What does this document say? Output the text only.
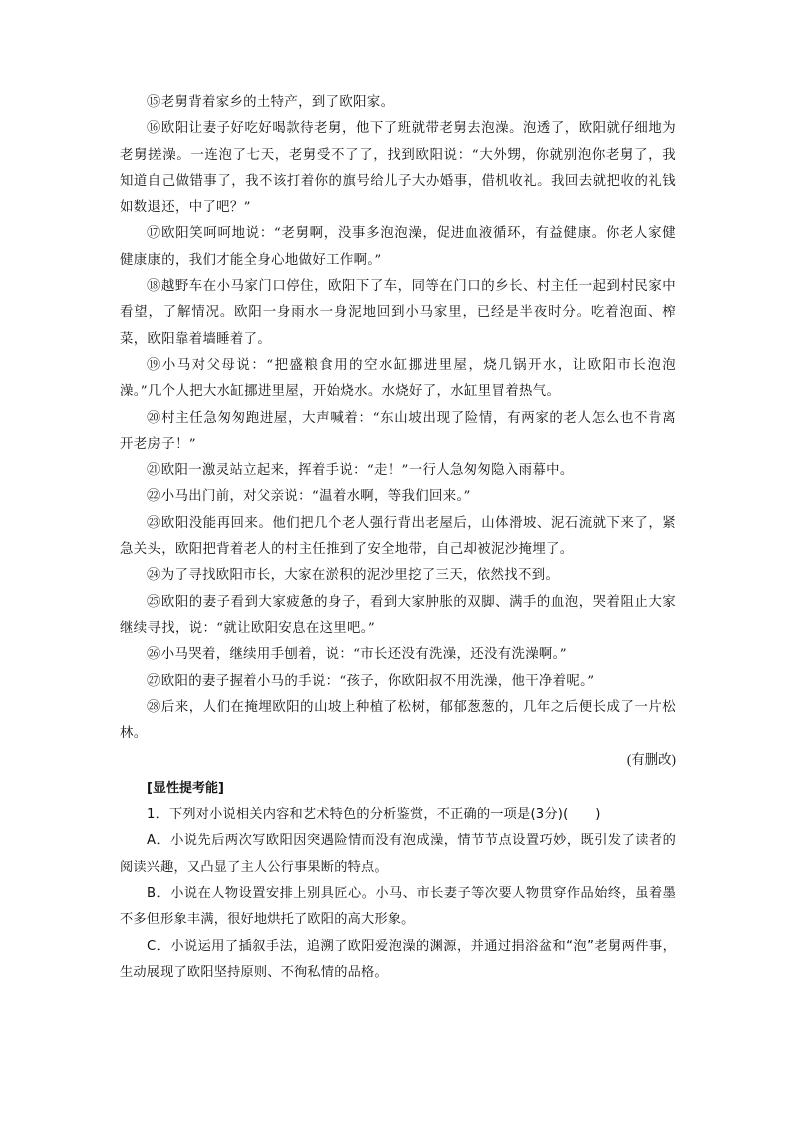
⑮老舅背着家乡的土特产，到了欧阳家。

⑯欧阳让妻子好吃好喝款待老舅，他下了班就带老舅去泡澡。泡透了，欧阳就仔细地为老舅搓澡。一连泡了七天，老舅受不了了，找到欧阳说：“大外甥，你就别泡你老舅了，我知道自己做错事了，我不该打着你的旗号给儿子大办婚事，借机收礼。我回去就把收的礼钱如数退还，中了吧？”

⑰欧阳笑呵呵地说：“老舅啊，没事多泡泡澡，促进血液循环，有益健康。你老人家健健康康的，我们才能全身心地做好工作啊。”

⑱越野车在小马家门口停住，欧阳下了车，同等在门口的乡长、村主任一起到村民家中看望，了解情况。欧阳一身雨水一身泥地回到小马家里，已经是半夜时分。吃着泡面、榨菜，欧阳靠着墙睡着了。

⑲小马对父母说：“把盛粮食用的空水缸挪进里屋，烧几锅开水，让欧阳市长泡泡澡。”几个人把大水缸挪进里屋，开始烧水。水烧好了，水缸里冒着热气。

⑳村主任急匆匆跑进屋，大声喊着：“东山坡出现了险情，有两家的老人怎么也不肯离开老房子！”

㉑欧阳一激灵站立起来，挥着手说：“走！”一行人急匆匆隐入雨幕中。

㉒小马出门前，对父亲说：“温着水啊，等我们回来。”

㉓欧阳没能再回来。他们把几个老人强行背出老屋后，山体滑坡、泥石流就下来了，紧急关头，欧阳把背着老人的村主任推到了安全地带，自己却被泥沙掩埋了。

㉔为了寻找欧阳市长，大家在淤积的泥沙里挖了三天，依然找不到。

㉕欧阳的妻子看到大家疲惫的身子，看到大家肿胀的双脚、满手的血泡，哭着阻止大家继续寻找，说：“就让欧阳安息在这里吧。”

㉖小马哭着，继续用手刨着，说：“市长还没有洗澡，还没有洗澡啊。”

㉗欧阳的妻子握着小马的手说：“孩子，你欧阳叔不用洗澡，他干净着呢。”

㉘后来，人们在掩埋欧阳的山坡上种植了松树，郁郁葱葱的，几年之后便长成了一片松林。

(有删改)

[显性提考能]

1．下列对小说相关内容和艺术特色的分析鉴赏，不正确的一项是(3分)(　　)

A．小说先后两次写欧阳因突遇险情而没有泡成澡，情节节点设置巧妙，既引发了读者的阅读兴趣，又凸显了主人公行事果断的特点。

B．小说在人物设置安排上别具匠心。小马、市长妻子等次要人物贯穿作品始终，虽着墨不多但形象丰满，很好地烘托了欧阳的高大形象。

C．小说运用了插叙手法，追溯了欧阳爱泡澡的渊源，并通过捐浴盆和“泡”老舅两件事，生动展现了欧阳坚持原则、不徇私情的品格。
